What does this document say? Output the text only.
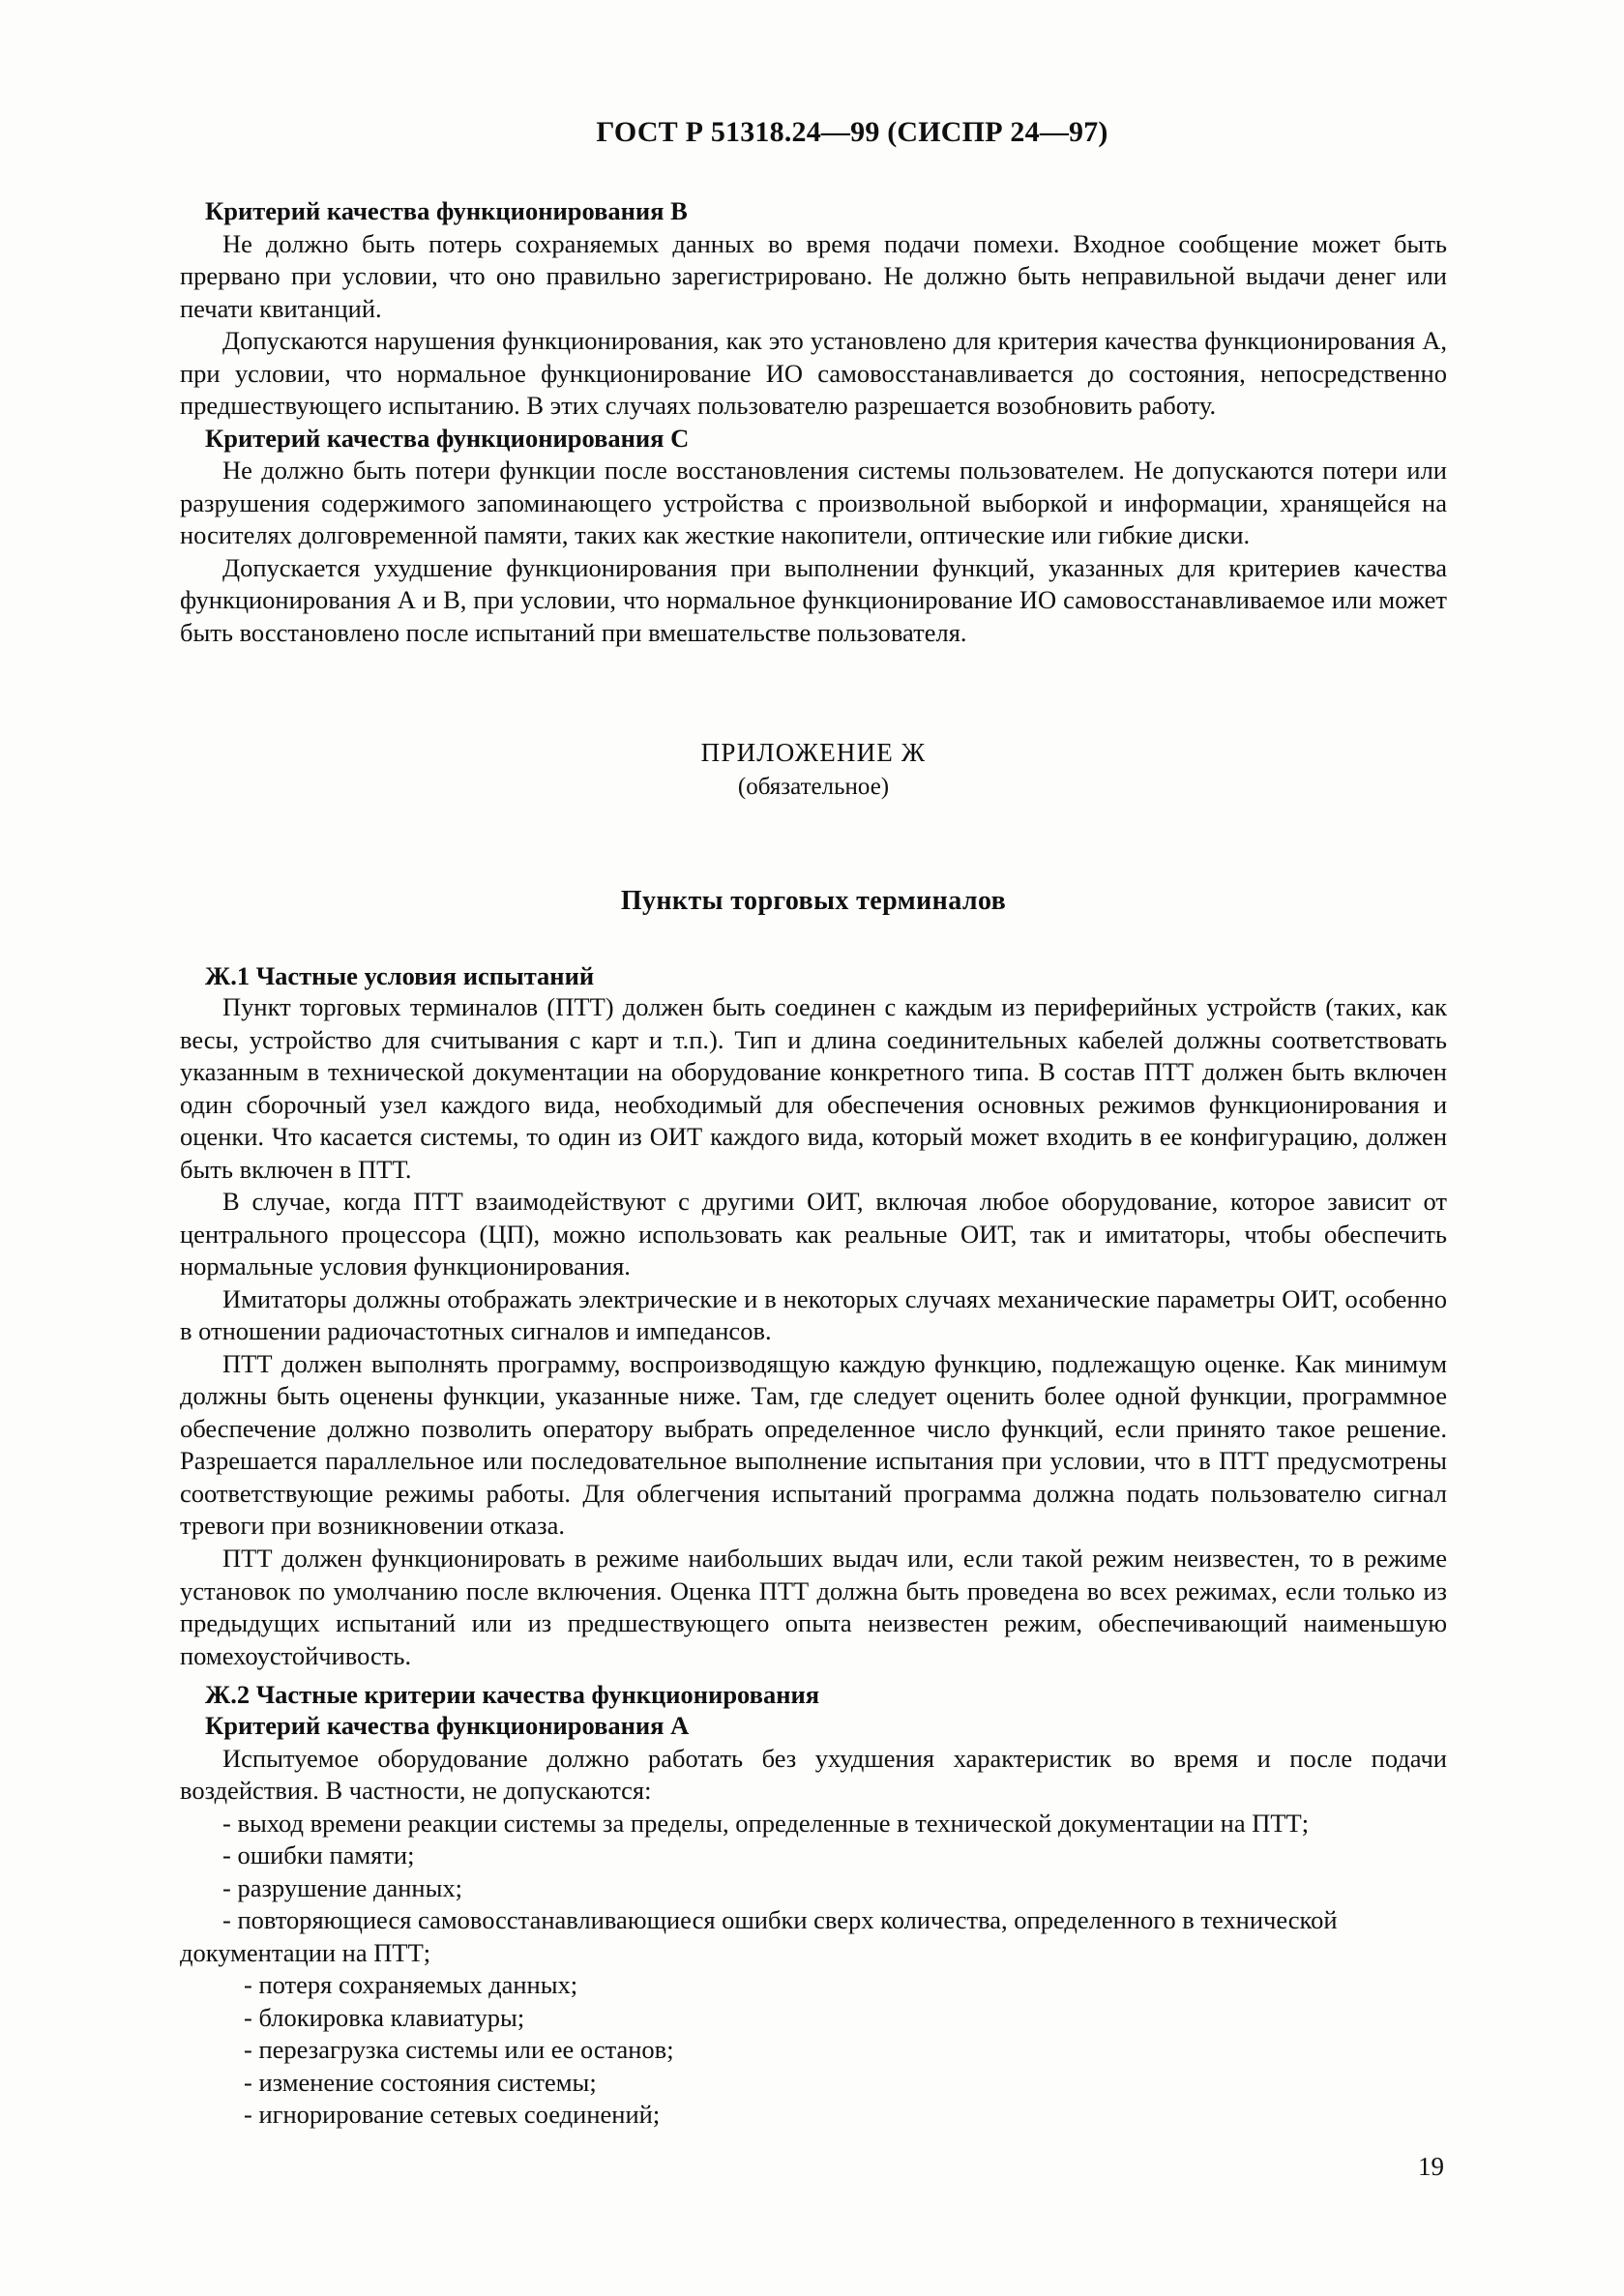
ГОСТ Р 51318.24—99 (СИСПР 24—97)
Критерий качества функционирования В

Не должно быть потерь сохраняемых данных во время подачи помехи. Входное сообщение может быть прервано при условии, что оно правильно зарегистрировано. Не должно быть неправильной выдачи денег или печати квитанций.

Допускаются нарушения функционирования, как это установлено для критерия качества функционирования А, при условии, что нормальное функционирование ИО самовосстанавливается до состояния, непосредственно предшествующего испытанию. В этих случаях пользователю разрешается возобновить работу.

Критерий качества функционирования С

Не должно быть потери функции после восстановления системы пользователем. Не допускаются потери или разрушения содержимого запоминающего устройства с произвольной выборкой и информации, хранящейся на носителях долговременной памяти, таких как жесткие накопители, оптические или гибкие диски.

Допускается ухудшение функционирования при выполнении функций, указанных для критериев качества функционирования А и В, при условии, что нормальное функционирование ИО самовосстанавливаемое или может быть восстановлено после испытаний при вмешательстве пользователя.

ПРИЛОЖЕНИЕ Ж
(обязательное)
Пункты торговых терминалов
Ж.1 Частные условия испытаний

Пункт торговых терминалов (ПТТ) должен быть соединен с каждым из периферийных устройств (таких, как весы, устройство для считывания с карт и т.п.). Тип и длина соединительных кабелей должны соответствовать указанным в технической документации на оборудование конкретного типа. В состав ПТТ должен быть включен один сборочный узел каждого вида, необходимый для обеспечения основных режимов функционирования и оценки. Что касается системы, то один из ОИТ каждого вида, который может входить в ее конфигурацию, должен быть включен в ПТТ.

В случае, когда ПТТ взаимодействуют с другими ОИТ, включая любое оборудование, которое зависит от центрального процессора (ЦП), можно использовать как реальные ОИТ, так и имитаторы, чтобы обеспечить нормальные условия функционирования.

Имитаторы должны отображать электрические и в некоторых случаях механические параметры ОИТ, особенно в отношении радиочастотных сигналов и импедансов.

ПТТ должен выполнять программу, воспроизводящую каждую функцию, подлежащую оценке. Как минимум должны быть оценены функции, указанные ниже. Там, где следует оценить более одной функции, программное обеспечение должно позволить оператору выбрать определенное число функций, если принято такое решение. Разрешается параллельное или последовательное выполнение испытания при условии, что в ПТТ предусмотрены соответствующие режимы работы. Для облегчения испытаний программа должна подать пользователю сигнал тревоги при возникновении отказа.

ПТТ должен функционировать в режиме наибольших выдач или, если такой режим неизвестен, то в режиме установок по умолчанию после включения. Оценка ПТТ должна быть проведена во всех режимах, если только из предыдущих испытаний или из предшествующего опыта неизвестен режим, обеспечивающий наименьшую помехоустойчивость.

Ж.2 Частные критерии качества функционирования
Критерий качества функционирования А

Испытуемое оборудование должно работать без ухудшения характеристик во время и после подачи воздействия. В частности, не допускаются:

- выход времени реакции системы за пределы, определенные в технической документации на ПТТ;
- ошибки памяти;
- разрушение данных;
- повторяющиеся самовосстанавливающиеся ошибки сверх количества, определенного в технической
документации на ПТТ;
- потеря сохраняемых данных;
- блокировка клавиатуры;
- перезагрузка системы или ее останов;
- изменение состояния системы;
- игнорирование сетевых соединений;
19
